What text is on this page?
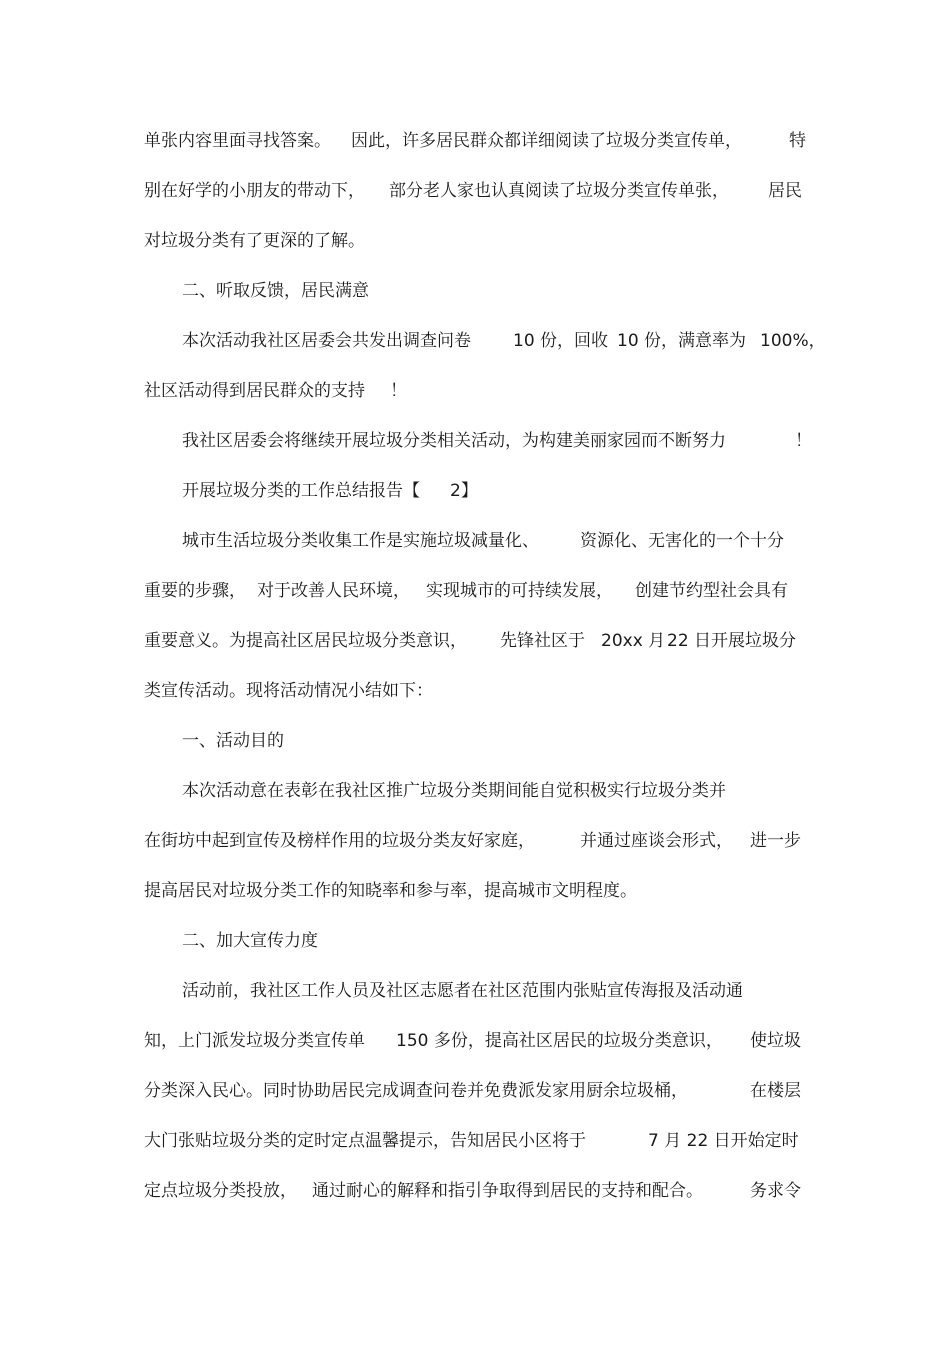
单张内容里面寻找答案。

因此，许多居民群众都详细阅读了垃圾分类宣传单，

	特

别在好学的小朋友的带动下，

部分老人家也认真阅读了垃圾分类宣传单张，

居民

对垃圾分类有了更深的了解。

二、听取反馈，居民满意

本次活动我社区居委会共发出调查问卷

10 份，回收

10 份，满意率为

100%，

社区活动得到居民群众的支持

！

我社区居委会将继续开展垃圾分类相关活动，为构建美丽家园而不断努力

	！

开展垃圾分类的工作总结报告【

2】

城市生活垃圾分类收集工作是实施垃圾减量化、

资源化、无害化的一个十分

重要的步骤，

对于改善人民环境，

实现城市的可持续发展，

创建节约型社会具有

重要意义。为提高社区居民垃圾分类意识，

先锋社区于

20xx 月

22 日开展垃圾分

类宣传活动。现将活动情况小结如下：

一、活动目的

本次活动意在表彰在我社区推广垃圾分类期间能自觉积极实行垃圾分类并

在街坊中起到宣传及榜样作用的垃圾分类友好家庭，

	并通过座谈会形式，

进一步

提高居民对垃圾分类工作的知晓率和参与率，提高城市文明程度。

二、加大宣传力度

活动前，我社区工作人员及社区志愿者在社区范围内张贴宣传海报及活动通

知，上门派发垃圾分类宣传单

150 多份，提高社区居民的垃圾分类意识，

使垃圾

分类深入民心。同时协助居民完成调查问卷并免费派发家用厨余垃圾桶，

	在楼层

大门张贴垃圾分类的定时定点温馨提示，告知居民小区将于

	7 月 22 日开始定时

定点垃圾分类投放，

通过耐心的解释和指引争取得到居民的支持和配合。

	务求令
